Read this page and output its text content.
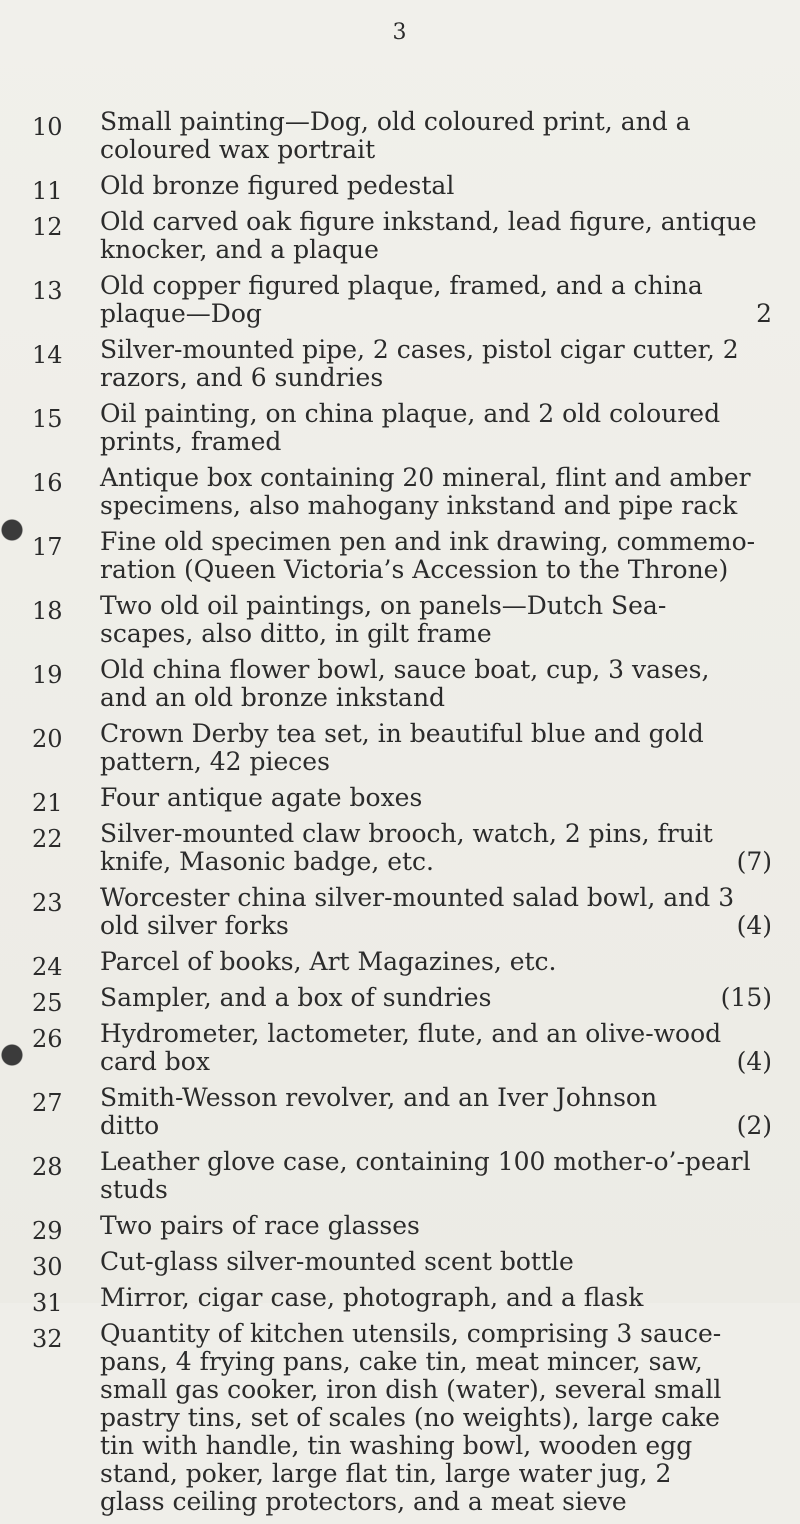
3
10	Small painting—Dog, old coloured print, and a
coloured wax portrait
11	Old bronze figured pedestal
12	Old carved oak figure inkstand, lead figure, antique
knocker, and a plaque
13	Old copper figured plaque, framed, and a china
plaque—Dog	2
14	Silver-mounted pipe, 2 cases, pistol cigar cutter, 2
razors, and 6 sundries
15	Oil painting, on china plaque, and 2 old coloured
prints, framed
16	Antique box containing 20 mineral, flint and amber
specimens, also mahogany inkstand and pipe rack
17	Fine old specimen pen and ink drawing, commemo-
ration (Queen Victoria’s Accession to the Throne)
18	Two old oil paintings, on panels—Dutch Sea-
scapes, also ditto, in gilt frame
19	Old china flower bowl, sauce boat, cup, 3 vases,
and an old bronze inkstand
20	Crown Derby tea set, in beautiful blue and gold
pattern, 42 pieces
21	Four antique agate boxes
22	Silver-mounted claw brooch, watch, 2 pins, fruit
knife, Masonic badge, etc.	(7)
23	Worcester china silver-mounted salad bowl, and 3
old silver forks	(4)
24	Parcel of books, Art Magazines, etc.
25	Sampler, and a box of sundries	(15)
26	Hydrometer, lactometer, flute, and an olive-wood
card box	(4)
27	Smith-Wesson revolver, and an Iver Johnson
ditto	(2)
28	Leather glove case, containing 100 mother-o’-pearl
studs
29	Two pairs of race glasses
30	Cut-glass silver-mounted scent bottle
31	Mirror, cigar case, photograph, and a flask
32	Quantity of kitchen utensils, comprising 3 sauce-
pans, 4 frying pans, cake tin, meat mincer, saw,
small gas cooker, iron dish (water), several small
pastry tins, set of scales (no weights), large cake
tin with handle, tin washing bowl, wooden egg
stand, poker, large flat tin, large water jug, 2
glass ceiling protectors, and a meat sieve
